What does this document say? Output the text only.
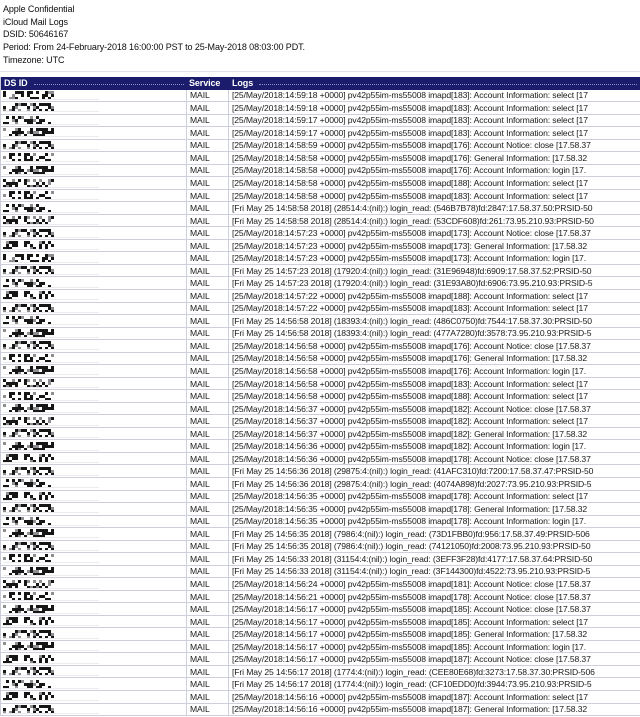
Apple Confidential
iCloud Mail Logs
DSID: 50646167
Period: From 24-February-2018 16:00:00 PST to 25-May-2018 08:03:00 PDT.
Timezone: UTC
DS ID	Service Logs
MAIL	[25/May/2018:14:59:18 +0000] pv42p55im-ms55008 imapd[183]: Account Information: select [17
MAIL	[25/May/2018:14:59:18 +0000] pv42p55im-ms55008 imapd[183]: Account Information: select [17
MAIL	[25/May/2018:14:59:17 +0000] pv42p55im-ms55008 imapd[183]: Account Information: select [17
MAIL	[25/May/2018:14:59:17 +0000] pv42p55im-ms55008 imapd[183]: Account Information: select [17
MAIL	[25/May/2018:14:58:59 +0000] pv42p55im-ms55008 imapd[176]: Account Notice: close [17.58.37
MAIL	[25/May/2018:14:58:58 +0000] pv42p55im-ms55008 imapd[176]: General Information: [17.58.32
MAIL	[25/May/2018:14:58:58 +0000] pv42p55im-ms55008 imapd[176]: Account Information: login [17.
MAIL	[25/May/2018:14:58:58 +0000] pv42p55im-ms55008 imapd[188]: Account Information: select [17
MAIL	[25/May/2018:14:58:58 +0000] pv42p55im-ms55008 imapd[183]: Account Information: select [17
MAIL	[Fri May 25 14:58:58 2018] (28514:4:(nil):) login_read: (546B7B78)fd:2847:17.58.37.50:PRSID-50
MAIL	[Fri May 25 14:58:58 2018] (28514:4:(nil):) login_read: (53CDF608)fd:261:73.95.210.93:PRSID-50
MAIL	[25/May/2018:14:57:23 +0000] pv42p55im-ms55008 imapd[173]: Account Notice: close [17.58.37
MAIL	[25/May/2018:14:57:23 +0000] pv42p55im-ms55008 imapd[173]: General Information: [17.58.32
MAIL	[25/May/2018:14:57:23 +0000] pv42p55im-ms55008 imapd[173]: Account Information: login [17.
MAIL	[Fri May 25 14:57:23 2018] (17920:4:(nil):) login_read: (31E96948)fd:6909:17.58.37.52:PRSID-50
MAIL	[Fri May 25 14:57:23 2018] (17920:4:(nil):) login_read: (31E93A80)fd:6906:73.95.210.93:PRSID-5
MAIL	[25/May/2018:14:57:22 +0000] pv42p55im-ms55008 imapd[188]: Account Information: select [17
MAIL	[25/May/2018:14:57:22 +0000] pv42p55im-ms55008 imapd[183]: Account Information: select [17
MAIL	[Fri May 25 14:56:58 2018] (18393:4:(nil):) login_read: (486C0750)fd:7544:17.58.37.30:PRSID-50
MAIL	[Fri May 25 14:56:58 2018] (18393:4:(nil):) login_read: (477A7280)fd:3578:73.95.210.93:PRSID-5
MAIL	[25/May/2018:14:56:58 +0000] pv42p55im-ms55008 imapd[176]: Account Notice: close [17.58.37
MAIL	[25/May/2018:14:56:58 +0000] pv42p55im-ms55008 imapd[176]: General Information: [17.58.32
MAIL	[25/May/2018:14:56:58 +0000] pv42p55im-ms55008 imapd[176]: Account Information: login [17.
MAIL	[25/May/2018:14:56:58 +0000] pv42p55im-ms55008 imapd[183]: Account Information: select [17
MAIL	[25/May/2018:14:56:58 +0000] pv42p55im-ms55008 imapd[188]: Account Information: select [17
MAIL	[25/May/2018:14:56:37 +0000] pv42p55im-ms55008 imapd[182]: Account Notice: close [17.58.37
MAIL	[25/May/2018:14:56:37 +0000] pv42p55im-ms55008 imapd[182]: Account Information: select [17
MAIL	[25/May/2018:14:56:37 +0000] pv42p55im-ms55008 imapd[182]: General Information: [17.58.32
MAIL	[25/May/2018:14:56:36 +0000] pv42p55im-ms55008 imapd[182]: Account Information: login [17.
MAIL	[25/May/2018:14:56:36 +0000] pv42p55im-ms55008 imapd[178]: Account Notice: close [17.58.37
MAIL	[Fri May 25 14:56:36 2018] (29875:4:(nil):) login_read: (41AFC310)fd:7200:17.58.37.47:PRSID-50
MAIL	[Fri May 25 14:56:36 2018] (29875:4:(nil):) login_read: (4074A898)fd:2027:73.95.210.93:PRSID-5
MAIL	[25/May/2018:14:56:35 +0000] pv42p55im-ms55008 imapd[178]: Account Information: select [17
MAIL	[25/May/2018:14:56:35 +0000] pv42p55im-ms55008 imapd[178]: General Information: [17.58.32
MAIL	[25/May/2018:14:56:35 +0000] pv42p55im-ms55008 imapd[178]: Account Information: login [17.
MAIL	[Fri May 25 14:56:35 2018] (7986:4:(nil):) login_read: (73D1FBB0)fd:956:17.58.37.49:PRSID-506
MAIL	[Fri May 25 14:56:35 2018] (7986:4:(nil):) login_read: (74121050)fd:2008:73.95.210.93:PRSID-50
MAIL	[Fri May 25 14:56:33 2018] (31154:4:(nil):) login_read: (3EFF3F28)fd:4177:17.58.37.64:PRSID-50
MAIL	[Fri May 25 14:56:33 2018] (31154:4:(nil):) login_read: (3F144300)fd:4522:73.95.210.93:PRSID-5
MAIL	[25/May/2018:14:56:24 +0000] pv42p55im-ms55008 imapd[181]: Account Notice: close [17.58.37
MAIL	[25/May/2018:14:56:21 +0000] pv42p55im-ms55008 imapd[178]: Account Notice: close [17.58.37
MAIL	[25/May/2018:14:56:17 +0000] pv42p55im-ms55008 imapd[185]: Account Notice: close [17.58.37
MAIL	[25/May/2018:14:56:17 +0000] pv42p55im-ms55008 imapd[185]: Account Information: select [17
MAIL	[25/May/2018:14:56:17 +0000] pv42p55im-ms55008 imapd[185]: General Information: [17.58.32
MAIL	[25/May/2018:14:56:17 +0000] pv42p55im-ms55008 imapd[185]: Account Information: login [17.
MAIL	[25/May/2018:14:56:17 +0000] pv42p55im-ms55008 imapd[187]: Account Notice: close [17.58.37
MAIL	[Fri May 25 14:56:17 2018] (1774:4:(nil):) login_read: (CEE80E68)fd:3273:17.58.37.30:PRSID-506
MAIL	[Fri May 25 14:56:17 2018] (1774:4:(nil):) login_read: (CF10EDD0)fd:3944:73.95.210.93:PRSID-5
MAIL	[25/May/2018:14:56:16 +0000] pv42p55im-ms55008 imapd[187]: Account Information: select [17
MAIL	[25/May/2018:14:56:16 +0000] pv42p55im-ms55008 imapd[187]: General Information: [17.58.32
